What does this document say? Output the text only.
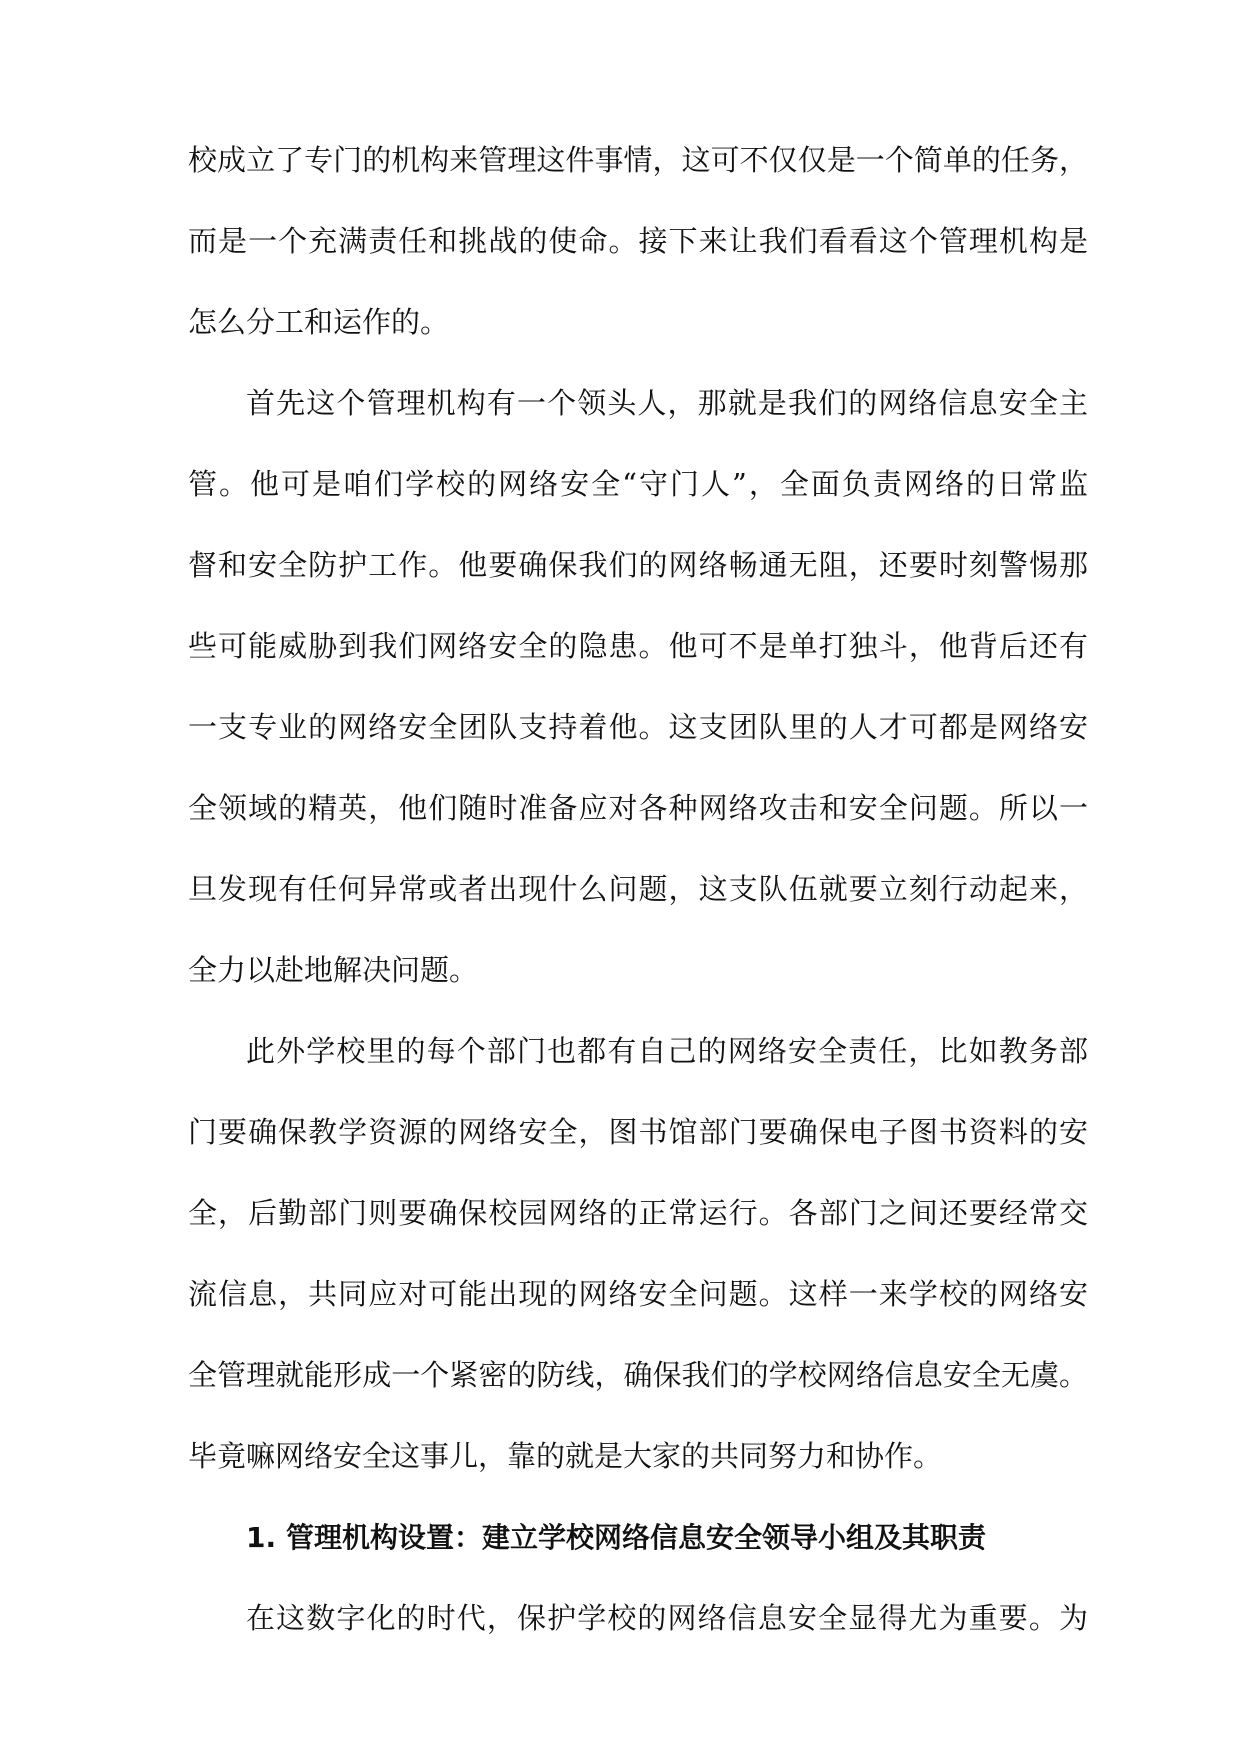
校成立了专门的机构来管理这件事情，这可不仅仅是一个简单的任务，
而是一个充满责任和挑战的使命。接下来让我们看看这个管理机构是
怎么分工和运作的。
首先这个管理机构有一个领头人，那就是我们的网络信息安全主
管。他可是咱们学校的网络安全“守门人”，全面负责网络的日常监
督和安全防护工作。他要确保我们的网络畅通无阻，还要时刻警惕那
些可能威胁到我们网络安全的隐患。他可不是单打独斗，他背后还有
一支专业的网络安全团队支持着他。这支团队里的人才可都是网络安
全领域的精英，他们随时准备应对各种网络攻击和安全问题。所以一
旦发现有任何异常或者出现什么问题，这支队伍就要立刻行动起来，
全力以赴地解决问题。
此外学校里的每个部门也都有自己的网络安全责任，比如教务部
门要确保教学资源的网络安全，图书馆部门要确保电子图书资料的安
全，后勤部门则要确保校园网络的正常运行。各部门之间还要经常交
流信息，共同应对可能出现的网络安全问题。这样一来学校的网络安
全管理就能形成一个紧密的防线，确保我们的学校网络信息安全无虞。
毕竟嘛网络安全这事儿，靠的就是大家的共同努力和协作。
1. 管理机构设置：建立学校网络信息安全领导小组及其职责
在这数字化的时代，保护学校的网络信息安全显得尤为重要。为
